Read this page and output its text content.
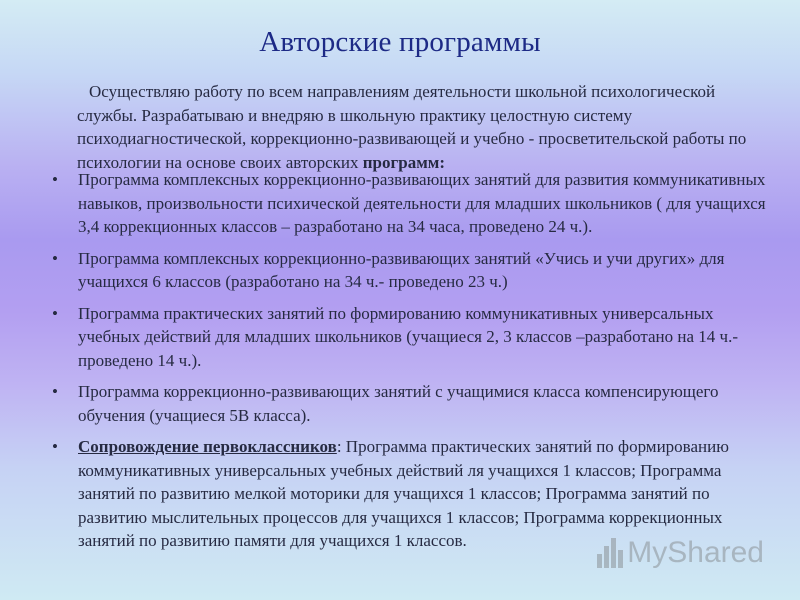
Авторские программы
Осуществляю работу по всем направлениям деятельности школьной психологической службы. Разрабатываю и внедряю в школьную практику целостную систему психодиагностической, коррекционно-развивающей и учебно - просветительской работы по психологии на основе своих авторских программ:
• Программа комплексных коррекционно-развивающих занятий для развития коммуникативных навыков, произвольности психической деятельности для младших школьников ( для учащихся 3,4 коррекционных классов – разработано на 34 часа, проведено 24 ч.).
• Программа комплексных коррекционно-развивающих занятий «Учись и учи других» для учащихся 6 классов (разработано на 34 ч.- проведено 23 ч.)
• Программа практических занятий по формированию коммуникативных универсальных учебных действий для младших школьников (учащиеся 2, 3 классов –разработано на 14 ч.- проведено 14 ч.).
• Программа коррекционно-развивающих занятий с учащимися класса компенсирующего обучения (учащиеся 5В класса).
• Сопровождение первоклассников: Программа практических занятий по формированию коммуникативных универсальных учебных действий ля учащихся 1 классов; Программа занятий по развитию мелкой моторики для учащихся 1 классов; Программа занятий по развитию мыслительных процессов для учащихся 1 классов; Программа коррекционных занятий по развитию памяти для учащихся 1 классов.	MyShared
